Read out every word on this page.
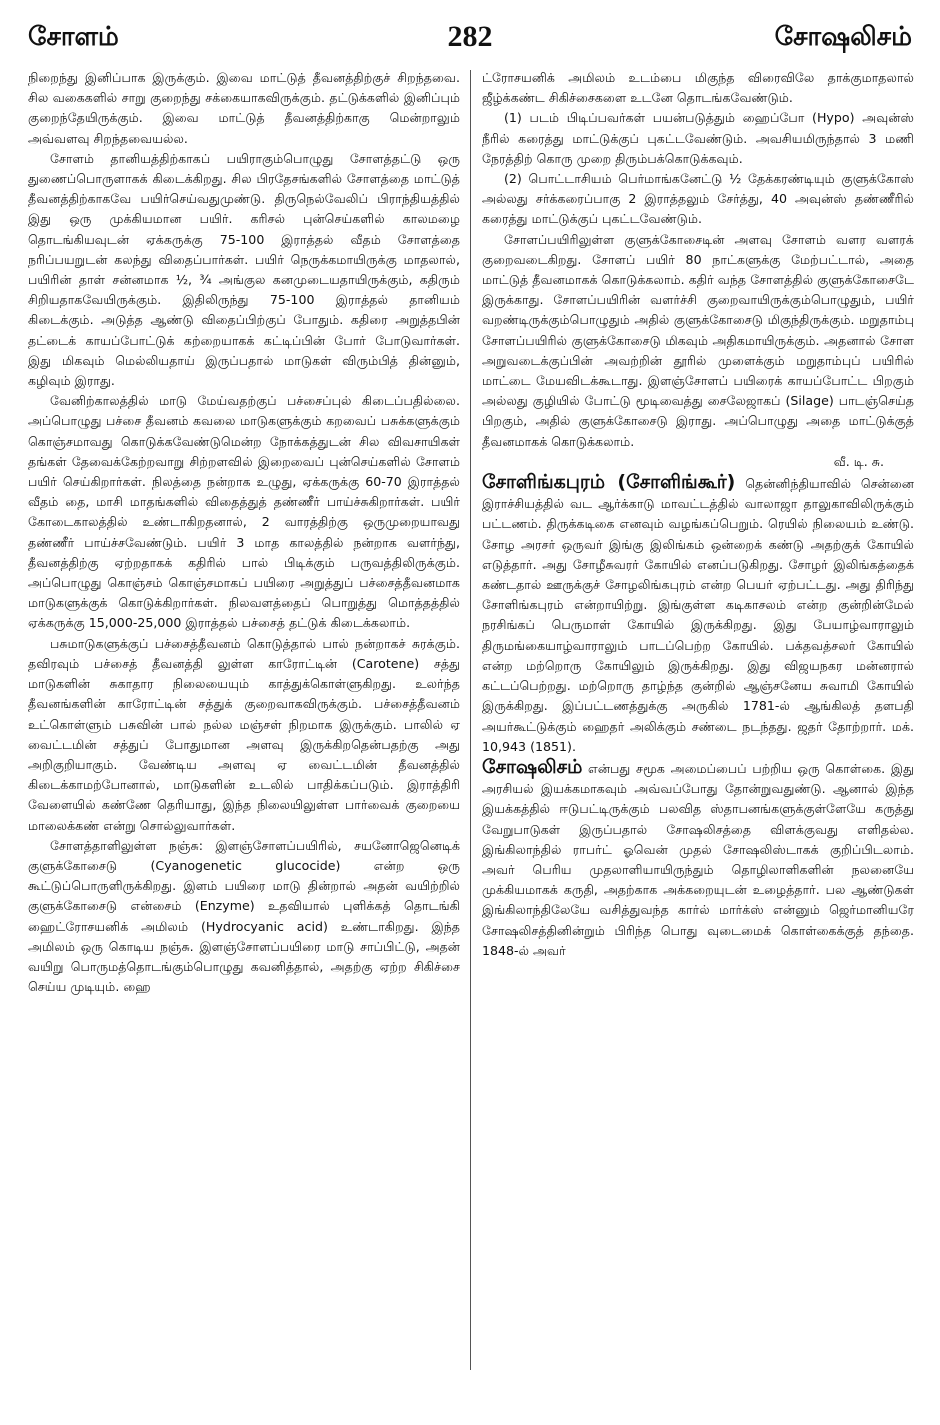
சோளம்	282	சோஷலிசம்

நிறைந்து இனிப்பாக இருக்கும். இவை மாட்டுத் தீவனத்திற்குச் சிறந்தவை. சில வகைகளில் சாறு குறைந்து சக்கையாகவிருக்கும். தட்டுக்களில் இனிப்பும் குறைந்தேயிருக்கும். இவை மாட்டுத் தீவனத்திற்காகு மென்றாலும் அவ்வளவு சிறந்தவையல்ல.

சோளம் தானியத்திற்காகப் பயிராகும்பொழுது சோளத்தட்டு ஒரு துணைப்பொருளாகக் கிடைக்கிறது. சில பிரதேசங்களில் சோளத்தை மாட்டுத் தீவனத்திற்காகவே பயிர்செய்வதுமுண்டு. திருநெல்வேலிப் பிராந்தியத்தில் இது ஒரு முக்கியமான பயிர். கரிசல் புன்செய்களில் காலமழை தொடங்கியவுடன் ஏக்கருக்கு 75-100 இராத்தல் வீதம் சோளத்தை நரிப்பயறுடன் கலந்து விதைப்பார்கள். பயிர் நெருக்கமாயிருக்கு மாதலால், பயிரின் தாள் சன்னமாக ½, ¾ அங்குல கனமுடையதாயிருக்கும், கதிரும் சிறியதாகவேயிருக்கும். இதிலிருந்து 75-100 இராத்தல் தானியம் கிடைக்கும். அடுத்த ஆண்டு விதைப்பிற்குப் போதும். கதிரை அறுத்தபின் தட்டைக் காயப்போட்டுக் கற்றையாகக் கட்டிப்பின் போர் போடுவார்கள். இது மிகவும் மெல்லியதாய் இருப்பதால் மாடுகள் விரும்பித் தின்னும், கழிவும் இராது.

வேனிற்காலத்தில் மாடு மேய்வதற்குப் பச்சைப்புல் கிடைப்பதில்லை. அப்பொழுது பச்சை தீவனம் கவலை மாடுகளுக்கும் கறவைப் பசுக்களுக்கும் கொஞ்சமாவது கொடுக்கவேண்டுமென்ற நோக்கத்துடன் சில விவசாயிகள் தங்கள் தேவைக்கேற்றவாறு சிற்றளவில் இறைவைப் புன்செய்களில் சோளம் பயிர் செய்கிறார்கள். நிலத்தை நன்றாக உழுது, ஏக்கருக்கு 60-70 இராத்தல் வீதம் தை, மாசி மாதங்களில் விதைத்துத் தண்ணீர் பாய்ச்சுகிறார்கள். பயிர் கோடைகாலத்தில் உண்டாகிறதனால், 2 வாரத்திற்கு ஒருமுறையாவது தண்ணீர் பாய்ச்சவேண்டும். பயிர் 3 மாத காலத்தில் நன்றாக வளர்ந்து, தீவனத்திற்கு ஏற்றதாகக் கதிரில் பால் பிடிக்கும் பருவத்திலிருக்கும். அப்பொழுது கொஞ்சம் கொஞ்சமாகப் பயிரை அறுத்துப் பச்சைத்தீவனமாக மாடுகளுக்குக் கொடுக்கிறார்கள். நிலவளத்தைப் பொறுத்து மொத்தத்தில் ஏக்கருக்கு 15,000-25,000 இராத்தல் பச்சைத் தட்டுக் கிடைக்கலாம்.

பசுமாடுகளுக்குப் பச்சைத்தீவனம் கொடுத்தால் பால் நன்றாகச் சுரக்கும். தவிரவும் பச்சைத் தீவனத்தி லுள்ள காரோட்டின் (Carotene) சத்து மாடுகளின் சுகாதார நிலையையும் காத்துக்கொள்ளுகிறது. உலர்ந்த தீவனங்களின் காரோட்டின் சத்துக் குறைவாகவிருக்கும். பச்சைத்தீவனம் உட்கொள்ளும் பசுவின் பால் நல்ல மஞ்சள் நிறமாக இருக்கும். பாலில் ஏ வைட்டமின் சத்துப் போதுமான அளவு இருக்கிறதென்பதற்கு அது அறிகுறியாகும். வேண்டிய அளவு ஏ வைட்டமின் தீவனத்தில் கிடைக்காமற்போனால், மாடுகளின் உடலில் பாதிக்கப்படும். இராத்திரி வேளையில் கண்ணே தெரியாது, இந்த நிலையிலுள்ள பார்வைக் குறையை மாலைக்கண் என்று சொல்லுவார்கள்.

சோளத்தாளிலுள்ள நஞ்சு: இளஞ்சோளப்பயிரில், சயனோஜெனெடிக் குளுக்கோசைடு (Cyanogenetic glucocide) என்ற ஒரு கூட்டுப்பொருளிருக்கிறது. இளம் பயிரை மாடு தின்றால் அதன் வயிற்றில் குளுக்கோசைடு என்சைம் (Enzyme) உதவியால் புளிக்கத் தொடங்கி ஹைட்ரோசயனிக் அமிலம் (Hydrocyanic acid) உண்டாகிறது. இந்த அமிலம் ஒரு கொடிய நஞ்சு. இளஞ்சோளப்பயிரை மாடு சாப்பிட்டு, அதன் வயிறு பொருமத்தொடங்கும்பொழுது கவனித்தால், அதற்கு ஏற்ற சிகிச்சை செய்ய முடியும். ஹை

ட்ரோசயனிக் அமிலம் உடம்பை மிகுந்த விரைவிலே தாக்குமாதலால் ஜீழ்க்கண்ட சிகிச்சைகளை உடனே தொடங்கவேண்டும்.

(1) படம் பிடிப்பவர்கள் பயன்படுத்தும் ஹைப்போ (Hypo) அவுன்ஸ் நீரில் கரைத்து மாட்டுக்குப் புகட்டவேண்டும். அவசியமிருந்தால் 3 மணி நேரத்திற் கொரு முறை திரும்பக்கொடுக்கவும்.

(2) பொட்டாசியம் பெர்மாங்கனேட்டு ½ தேக்கரண்டியும் குளுக்கோஸ் அல்லது சர்க்கரைப்பாகு 2 இராத்தலும் சேர்த்து, 40 அவுன்ஸ் தண்ணீரில் கரைத்து மாட்டுக்குப் புகட்டவேண்டும்.

சோளப்பயிரிலுள்ள குளுக்கோசைடின் அளவு சோளம் வளர வளரக் குறைவடைகிறது. சோளப் பயிர் 80 நாட்களுக்கு மேற்பட்டால், அதை மாட்டுத் தீவனமாகக் கொடுக்கலாம். கதிர் வந்த சோளத்தில் குளுக்கோசைடே இருக்காது. சோளப்பயிரின் வளர்ச்சி குறைவாயிருக்கும்பொழுதும், பயிர் வறண்டிருக்கும்பொழுதும் அதில் குளுக்கோசைடு மிகுந்திருக்கும். மறுதாம்பு சோளப்பயிரில் குளுக்கோசைடு மிகவும் அதிகமாயிருக்கும். அதனால் சோள அறுவடைக்குப்பின் அவற்றின் தூரில் முளைக்கும் மறுதாம்புப் பயிரில் மாட்டை மேயவிடக்கூடாது. இளஞ்சோளப் பயிரைக் காயப்போட்ட பிறகும் அல்லது குழியில் போட்டு மூடிவைத்து சைலேஜாகப் (Silage) பாடஞ்செய்த பிறகும், அதில் குளுக்கோசைடு இராது. அப்பொழுது அதை மாட்டுக்குத் தீவனமாகக் கொடுக்கலாம்.

வீ. டி. சு.

சோளிங்கபுரம் (சோளிங்கூர்) தென்னிந்தியாவில் சென்னை இராச்சியத்தில் வட ஆர்க்காடு மாவட்டத்தில் வாலாஜா தாலுகாவிலிருக்கும் பட்டணம். திருக்கடிகை எனவும் வழங்கப்பெறும். ரெயில் நிலையம் உண்டு. சோழ அரசர் ஒருவர் இங்கு இலிங்கம் ஒன்றைக் கண்டு அதற்குக் கோயில் எடுத்தார். அது சோழீசுவரர் கோயில் எனப்படுகிறது. சோழர் இலிங்கத்தைக் கண்டதால் ஊருக்குச் சோழலிங்கபுரம் என்ற பெயர் ஏற்பட்டது. அது திரிந்து சோளிங்கபுரம் என்றாயிற்று. இங்குள்ள கடிகாசலம் என்ற குன்றின்மேல் நரசிங்கப் பெருமாள் கோயில் இருக்கிறது. இது பேயாழ்வாராலும் திருமங்கையாழ்வாராலும் பாடப்பெற்ற கோயில். பக்தவத்சலர் கோயில் என்ற மற்றொரு கோயிலும் இருக்கிறது. இது விஜயநகர மன்னரால் கட்டப்பெற்றது. மற்றொரு தாழ்ந்த குன்றில் ஆஞ்சனேய சுவாமி கோயில் இருக்கிறது. இப்பட்டணத்துக்கு அருகில் 1781-ல் ஆங்கிலத் தளபதி அயர்கூட்டுக்கும் ஹைதர் அலிக்கும் சண்டை நடந்தது. ஜதர் தோற்றார். மக். 10,943 (1851).

சோஷலிசம் என்பது சமூக அமைப்பைப் பற்றிய ஒரு கொள்கை. இது அரசியல் இயக்கமாகவும் அவ்வப்போது தோன்றுவதுண்டு. ஆனால் இந்த இயக்கத்தில் ஈடுபட்டிருக்கும் பலவித ஸ்தாபனங்களுக்குள்ளேயே கருத்து வேறுபாடுகள் இருப்பதால் சோஷலிசத்தை விளக்குவது எளிதல்ல. இங்கிலாந்தில் ராபர்ட் ஓவென் முதல் சோஷலிஸ்டாகக் குறிப்பிடலாம். அவர் பெரிய முதலாளியாயிருந்தும் தொழிலாளிகளின் நலனையே முக்கியமாகக் கருதி, அதற்காக அக்கறையுடன் உழைத்தார். பல ஆண்டுகள் இங்கிலாந்திலேயே வசித்துவந்த கார்ல் மார்க்ஸ் என்னும் ஜெர்மானியரே சோஷலிசத்தினின்றும் பிரிந்த பொது வுடைமைக் கொள்கைக்குத் தந்தை. 1848-ல் அவர்
